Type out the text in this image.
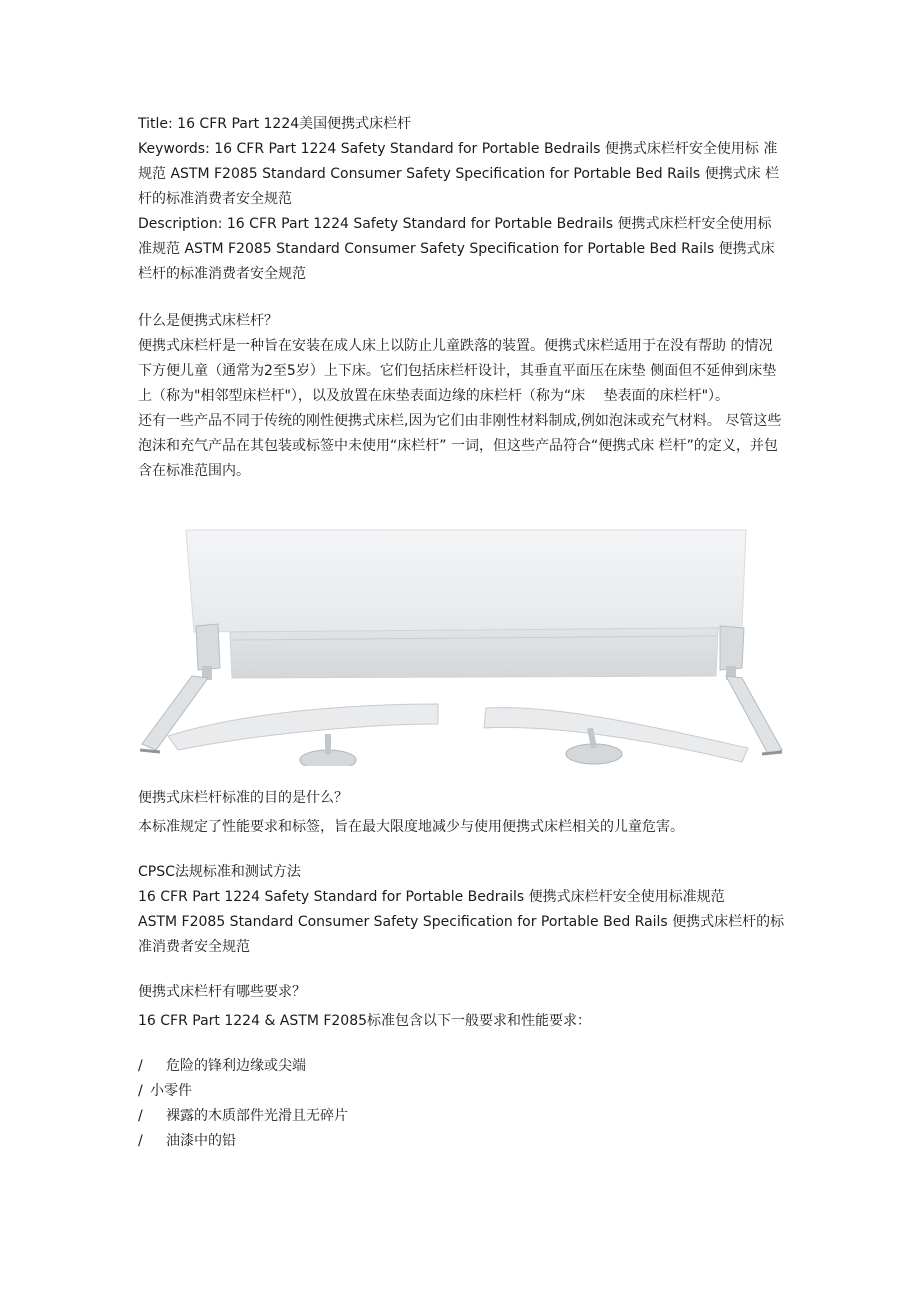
Title: 16 CFR Part 1224美国便携式床栏杆

Keywords: 16 CFR Part 1224 Safety Standard for Portable Bedrails 便携式床栏杆安全使用标 准规范 ASTM F2085 Standard Consumer Safety Specification for Portable Bed Rails 便携式床 栏杆的标准消费者安全规范

Description: 16 CFR Part 1224 Safety Standard for Portable Bedrails 便携式床栏杆安全使用标 准规范 ASTM F2085 Standard Consumer Safety Specification for Portable Bed Rails 便携式床 栏杆的标准消费者安全规范

什么是便携式床栏杆？

便携式床栏杆是一种旨在安装在成人床上以防止儿童跌落的装置。便携式床栏适用于在没有帮助 的情况下方便儿童（通常为2至5岁）上下床。它们包括床栏杆设计，其垂直平面压在床垫 侧面但不延伸到床垫上（称为"相邻型床栏杆"），以及放置在床垫表面边缘的床栏杆（称为“床　 垫表面的床栏杆"）。

还有一些产品不同于传统的刚性便携式床栏,因为它们由非刚性材料制成,例如泡沫或充气材料。 尽管这些泡沫和充气产品在其包装或标签中未使用“床栏杆” 一词，但这些产品符合“便携式床 栏杆”的定义，并包含在标准范围内。

便携式床栏杆标准的目的是什么？

本标准规定了性能要求和标签，旨在最大限度地减少与使用便携式床栏相关的儿童危害。

CPSC法规标准和测试方法

16 CFR Part 1224 Safety Standard for Portable Bedrails 便携式床栏杆安全使用标准规范

ASTM F2085 Standard Consumer Safety Specification for Portable Bed Rails 便携式床栏杆的标准消费者安全规范

便携式床栏杆有哪些要求？

16 CFR Part 1224 & ASTM F2085标准包含以下一般要求和性能要求：

/	危险的锋利边缘或尖端
/ 小零件
/	裸露的木质部件光滑且无碎片
/	油漆中的铅
